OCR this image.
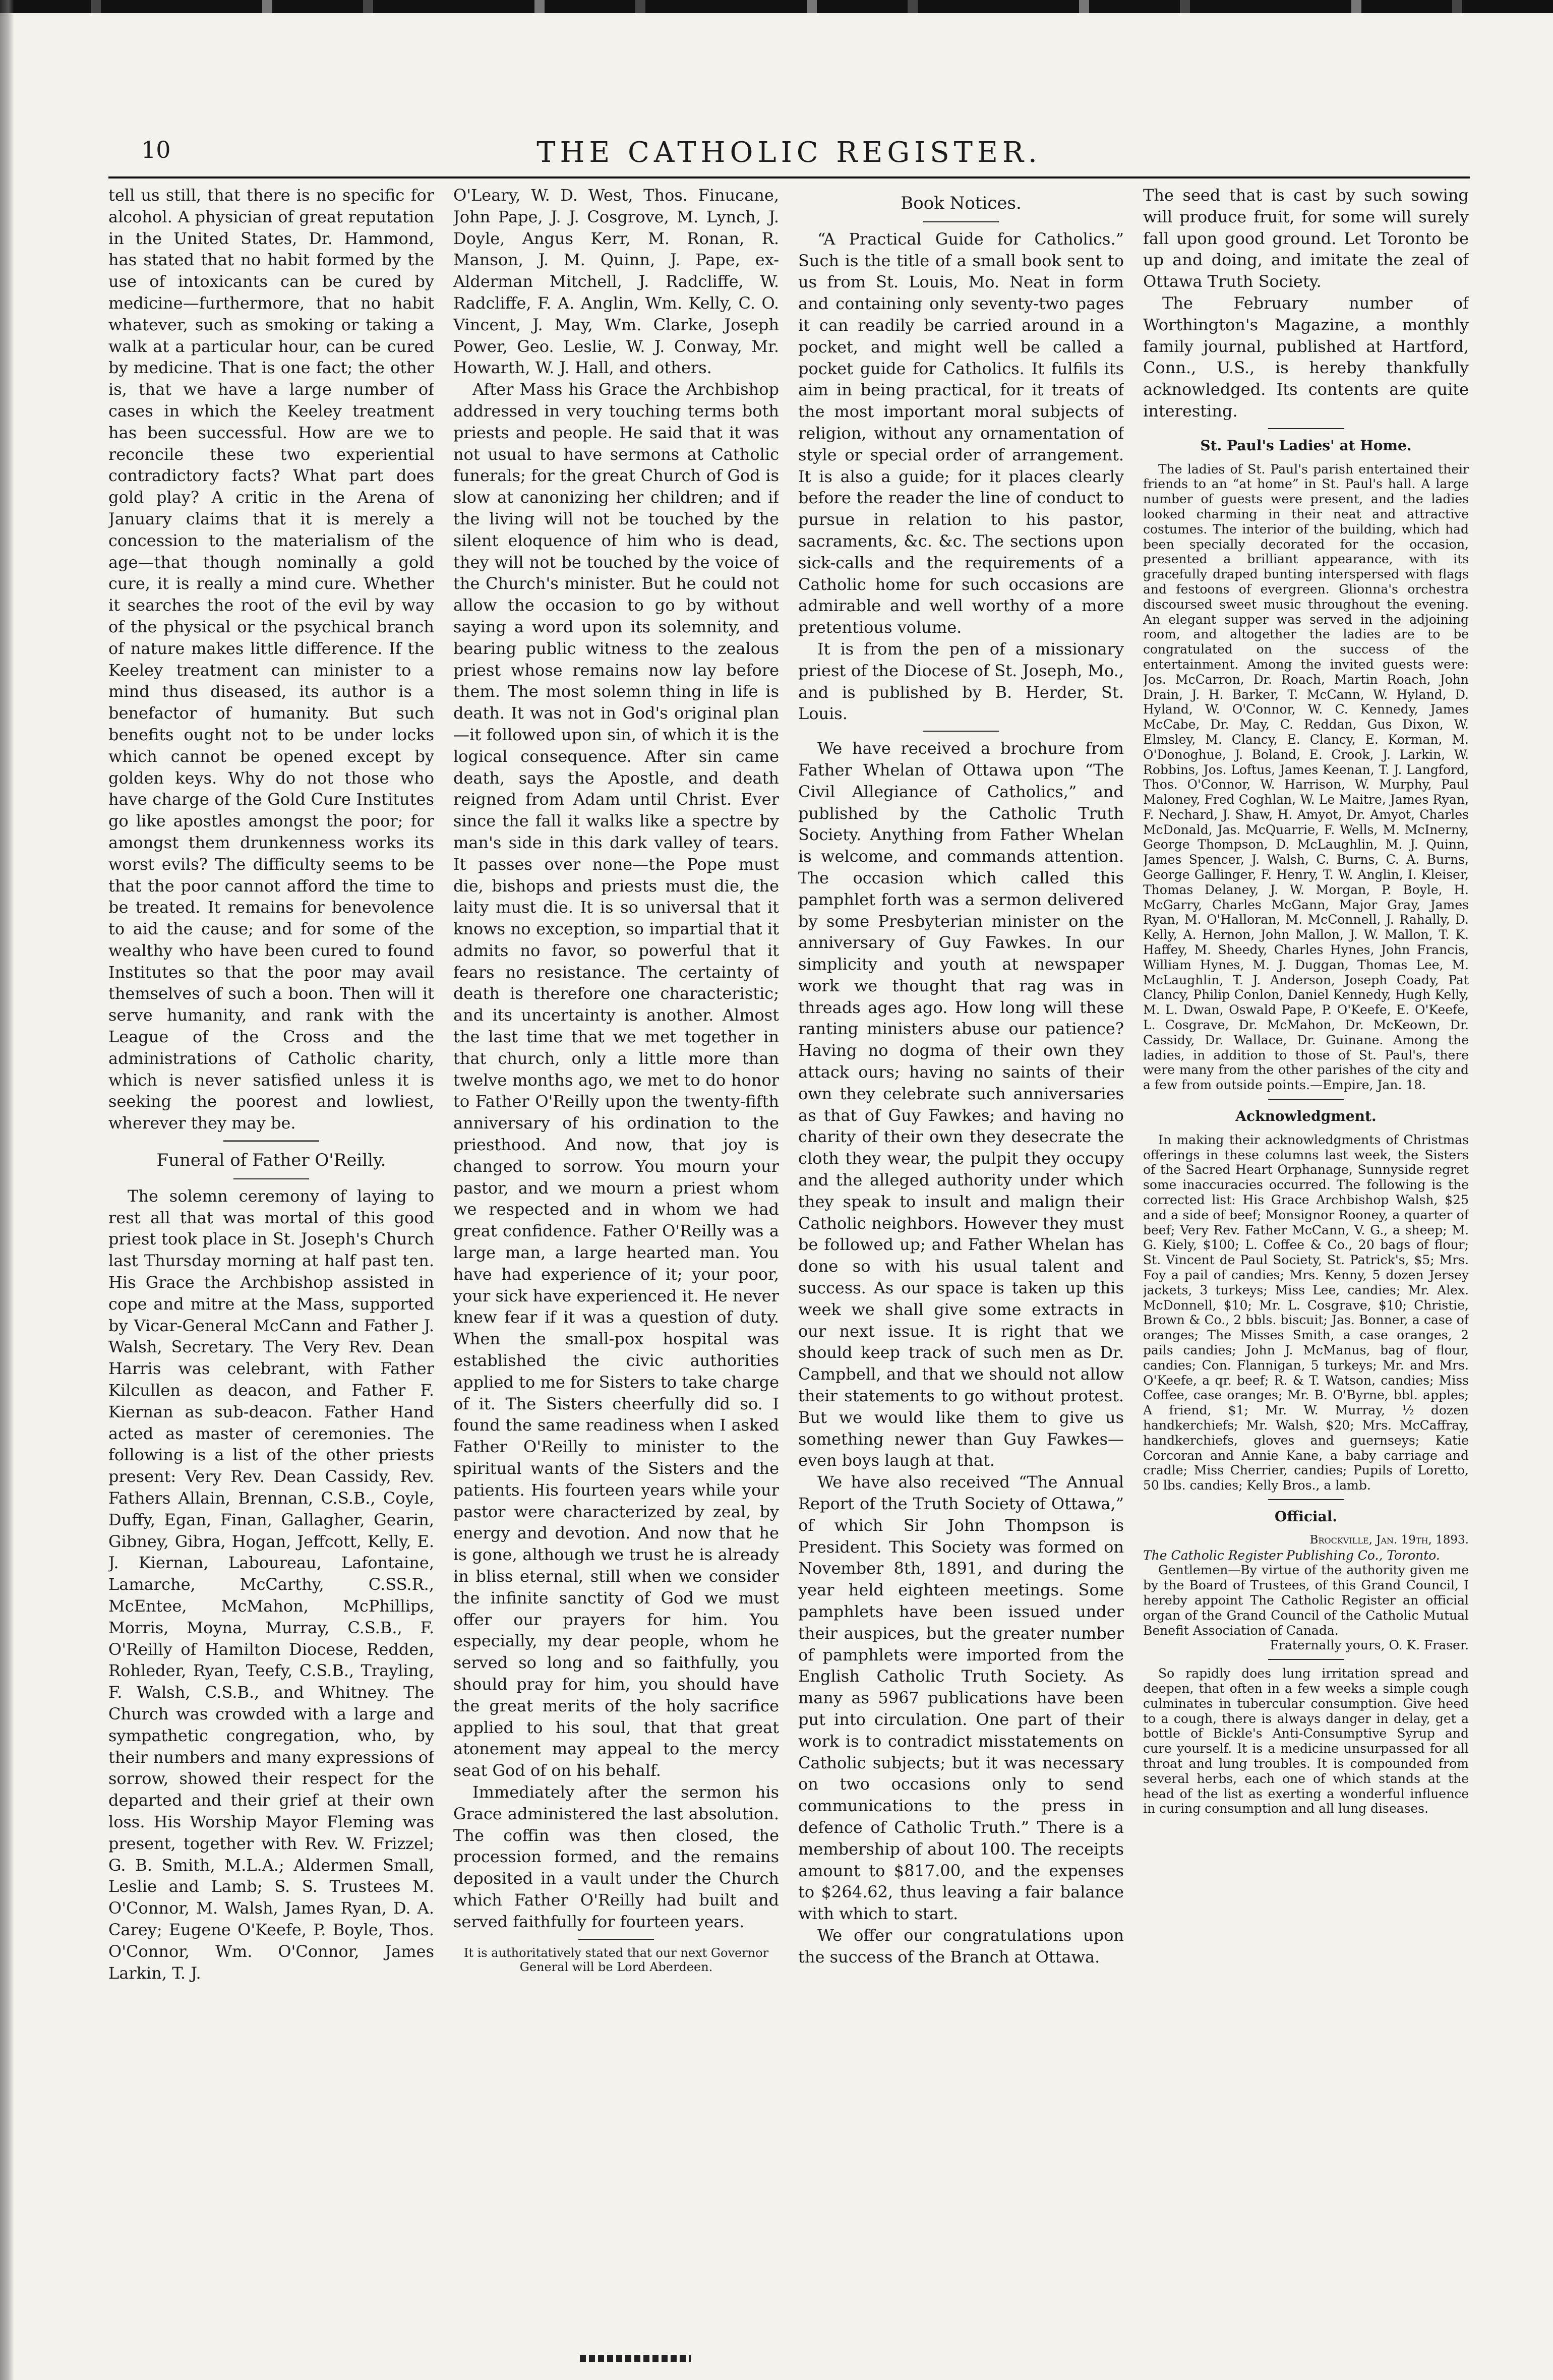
10	THE CATHOLIC REGISTER.

tell us still, that there is no specific for alcohol. A physician of great reputation in the United States, Dr. Hammond, has stated that no habit formed by the use of intoxicants can be cured by medicine—furthermore, that no habit whatever, such as smoking or taking a walk at a particular hour, can be cured by medicine. That is one fact; the other is, that we have a large number of cases in which the Keeley treatment has been successful. How are we to reconcile these two experiential contradictory facts? What part does gold play? A critic in the Arena of January claims that it is merely a concession to the materialism of the age—that though nominally a gold cure, it is really a mind cure. Whether it searches the root of the evil by way of the physical or the psychical branch of nature makes little difference. If the Keeley treatment can minister to a mind thus diseased, its author is a benefactor of humanity. But such benefits ought not to be under locks which cannot be opened except by golden keys. Why do not those who have charge of the Gold Cure Institutes go like apostles amongst the poor; for amongst them drunkenness works its worst evils? The difficulty seems to be that the poor cannot afford the time to be treated. It remains for benevolence to aid the cause; and for some of the wealthy who have been cured to found Institutes so that the poor may avail themselves of such a boon. Then will it serve humanity, and rank with the League of the Cross and the administrations of Catholic charity, which is never satisfied unless it is seeking the poorest and lowliest, wherever they may be.

Funeral of Father O'Reilly.

The solemn ceremony of laying to rest all that was mortal of this good priest took place in St. Joseph's Church last Thursday morning at half past ten. His Grace the Archbishop assisted in cope and mitre at the Mass, supported by Vicar-General McCann and Father J. Walsh, Secretary. The Very Rev. Dean Harris was celebrant, with Father Kilcullen as deacon, and Father F. Kiernan as sub-deacon. Father Hand acted as master of ceremonies. The following is a list of the other priests present: Very Rev. Dean Cassidy, Rev. Fathers Allain, Brennan, C.S.B., Coyle, Duffy, Egan, Finan, Gallagher, Gearin, Gibney, Gibra, Hogan, Jeffcott, Kelly, E. J. Kiernan, Laboureau, Lafontaine, Lamarche, McCarthy, C.SS.R., McEntee, McMahon, McPhillips, Morris, Moyna, Murray, C.S.B., F. O'Reilly of Hamilton Diocese, Redden, Rohleder, Ryan, Teefy, C.S.B., Trayling, F. Walsh, C.S.B., and Whitney. The Church was crowded with a large and sympathetic congregation, who, by their numbers and many expressions of sorrow, showed their respect for the departed and their grief at their own loss. His Worship Mayor Fleming was present, together with Rev. W. Frizzel; G. B. Smith, M.L.A.; Aldermen Small, Leslie and Lamb; S. S. Trustees M. O'Connor, M. Walsh, James Ryan, D. A. Carey; Eugene O'Keefe, P. Boyle, Thos. O'Connor, Wm. O'Connor, James Larkin, T. J.

O'Leary, W. D. West, Thos. Finucane, John Pape, J. J. Cosgrove, M. Lynch, J. Doyle, Angus Kerr, M. Ronan, R. Manson, J. M. Quinn, J. Pape, ex-Alderman Mitchell, J. Radcliffe, W. Radcliffe, F. A. Anglin, Wm. Kelly, C. O. Vincent, J. May, Wm. Clarke, Joseph Power, Geo. Leslie, W. J. Conway, Mr. Howarth, W. J. Hall, and others.

After Mass his Grace the Archbishop addressed in very touching terms both priests and people. He said that it was not usual to have sermons at Catholic funerals; for the great Church of God is slow at canonizing her children; and if the living will not be touched by the silent eloquence of him who is dead, they will not be touched by the voice of the Church's minister. But he could not allow the occasion to go by without saying a word upon its solemnity, and bearing public witness to the zealous priest whose remains now lay before them. The most solemn thing in life is death. It was not in God's original plan—it followed upon sin, of which it is the logical consequence. After sin came death, says the Apostle, and death reigned from Adam until Christ. Ever since the fall it walks like a spectre by man's side in this dark valley of tears. It passes over none—the Pope must die, bishops and priests must die, the laity must die. It is so universal that it knows no exception, so impartial that it admits no favor, so powerful that it fears no resistance. The certainty of death is therefore one characteristic; and its uncertainty is another. Almost the last time that we met together in that church, only a little more than twelve months ago, we met to do honor to Father O'Reilly upon the twenty-fifth anniversary of his ordination to the priesthood. And now, that joy is changed to sorrow. You mourn your pastor, and we mourn a priest whom we respected and in whom we had great confidence. Father O'Reilly was a large man, a large hearted man. You have had experience of it; your poor, your sick have experienced it. He never knew fear if it was a question of duty. When the small-pox hospital was established the civic authorities applied to me for Sisters to take charge of it. The Sisters cheerfully did so. I found the same readiness when I asked Father O'Reilly to minister to the spiritual wants of the Sisters and the patients. His fourteen years while your pastor were characterized by zeal, by energy and devotion. And now that he is gone, although we trust he is already in bliss eternal, still when we consider the infinite sanctity of God we must offer our prayers for him. You especially, my dear people, whom he served so long and so faithfully, you should pray for him, you should have the great merits of the holy sacrifice applied to his soul, that that great atonement may appeal to the mercy seat God of on his behalf.

Immediately after the sermon his Grace administered the last absolution. The coffin was then closed, the procession formed, and the remains deposited in a vault under the Church which Father O'Reilly had built and served faithfully for fourteen years.

It is authoritatively stated that our next Governor General will be Lord Aberdeen.
Book Notices.

“A Practical Guide for Catholics.” Such is the title of a small book sent to us from St. Louis, Mo. Neat in form and containing only seventy-two pages it can readily be carried around in a pocket, and might well be called a pocket guide for Catholics. It fulfils its aim in being practical, for it treats of the most important moral subjects of religion, without any ornamentation of style or special order of arrangement. It is also a guide; for it places clearly before the reader the line of conduct to pursue in relation to his pastor, sacraments, &c. &c. The sections upon sick-calls and the requirements of a Catholic home for such occasions are admirable and well worthy of a more pretentious volume.

It is from the pen of a missionary priest of the Diocese of St. Joseph, Mo., and is published by B. Herder, St. Louis.

We have received a brochure from Father Whelan of Ottawa upon “The Civil Allegiance of Catholics,” and published by the Catholic Truth Society. Anything from Father Whelan is welcome, and commands attention. The occasion which called this pamphlet forth was a sermon delivered by some Presbyterian minister on the anniversary of Guy Fawkes. In our simplicity and youth at newspaper work we thought that rag was in threads ages ago. How long will these ranting ministers abuse our patience? Having no dogma of their own they attack ours; having no saints of their own they celebrate such anniversaries as that of Guy Fawkes; and having no charity of their own they desecrate the cloth they wear, the pulpit they occupy and the alleged authority under which they speak to insult and malign their Catholic neighbors. However they must be followed up; and Father Whelan has done so with his usual talent and success. As our space is taken up this week we shall give some extracts in our next issue. It is right that we should keep track of such men as Dr. Campbell, and that we should not allow their statements to go without protest. But we would like them to give us something newer than Guy Fawkes—even boys laugh at that.

We have also received “The Annual Report of the Truth Society of Ottawa,” of which Sir John Thompson is President. This Society was formed on November 8th, 1891, and during the year held eighteen meetings. Some pamphlets have been issued under their auspices, but the greater number of pamphlets were imported from the English Catholic Truth Society. As many as 5967 publications have been put into circulation. One part of their work is to contradict misstatements on Catholic subjects; but it was necessary on two occasions only to send communications to the press in defence of Catholic Truth.” There is a membership of about 100. The receipts amount to $817.00, and the expenses to $264.62, thus leaving a fair balance with which to start.

We offer our congratulations upon the success of the Branch at Ottawa.

The seed that is cast by such sowing will produce fruit, for some will surely fall upon good ground. Let Toronto be up and doing, and imitate the zeal of Ottawa Truth Society.

The February number of Worthington's Magazine, a monthly family journal, published at Hartford, Conn., U.S., is hereby thankfully acknowledged. Its contents are quite interesting.

St. Paul's Ladies' at Home.

The ladies of St. Paul's parish entertained their friends to an “at home” in St. Paul's hall. A large number of guests were present, and the ladies looked charming in their neat and attractive costumes. The interior of the building, which had been specially decorated for the occasion, presented a brilliant appearance, with its gracefully draped bunting interspersed with flags and festoons of evergreen. Glionna's orchestra discoursed sweet music throughout the evening. An elegant supper was served in the adjoining room, and altogether the ladies are to be congratulated on the success of the entertainment. Among the invited guests were: Jos. McCarron, Dr. Roach, Martin Roach, John Drain, J. H. Barker, T. McCann, W. Hyland, D. Hyland, W. O'Connor, W. C. Kennedy, James McCabe, Dr. May, C. Reddan, Gus Dixon, W. Elmsley, M. Clancy, E. Clancy, E. Korman, M. O'Donoghue, J. Boland, E. Crook, J. Larkin, W. Robbins, Jos. Loftus, James Keenan, T. J. Langford, Thos. O'Connor, W. Harrison, W. Murphy, Paul Maloney, Fred Coghlan, W. Le Maitre, James Ryan, F. Nechard, J. Shaw, H. Amyot, Dr. Amyot, Charles McDonald, Jas. McQuarrie, F. Wells, M. McInerny, George Thompson, D. McLaughlin, M. J. Quinn, James Spencer, J. Walsh, C. Burns, C. A. Burns, George Gallinger, F. Henry, T. W. Anglin, I. Kleiser, Thomas Delaney, J. W. Morgan, P. Boyle, H. McGarry, Charles McGann, Major Gray, James Ryan, M. O'Halloran, M. McConnell, J. Rahally, D. Kelly, A. Hernon, John Mallon, J. W. Mallon, T. K. Haffey, M. Sheedy, Charles Hynes, John Francis, William Hynes, M. J. Duggan, Thomas Lee, M. McLaughlin, T. J. Anderson, Joseph Coady, Pat Clancy, Philip Conlon, Daniel Kennedy, Hugh Kelly, M. L. Dwan, Oswald Pape, P. O'Keefe, E. O'Keefe, L. Cosgrave, Dr. McMahon, Dr. McKeown, Dr. Cassidy, Dr. Wallace, Dr. Guinane. Among the ladies, in addition to those of St. Paul's, there were many from the other parishes of the city and a few from outside points.—Empire, Jan. 18.

Acknowledgment.

In making their acknowledgments of Christmas offerings in these columns last week, the Sisters of the Sacred Heart Orphanage, Sunnyside regret some inaccuracies occurred. The following is the corrected list: His Grace Archbishop Walsh, $25 and a side of beef; Monsignor Rooney, a quarter of beef; Very Rev. Father McCann, V. G., a sheep; M. G. Kiely, $100; L. Coffee & Co., 20 bags of flour; St. Vincent de Paul Society, St. Patrick's, $5; Mrs. Foy a pail of candies; Mrs. Kenny, 5 dozen Jersey jackets, 3 turkeys; Miss Lee, candies; Mr. Alex. McDonnell, $10; Mr. L. Cosgrave, $10; Christie, Brown & Co., 2 bbls. biscuit; Jas. Bonner, a case of oranges; The Misses Smith, a case oranges, 2 pails candies; John J. McManus, bag of flour, candies; Con. Flannigan, 5 turkeys; Mr. and Mrs. O'Keefe, a qr. beef; R. & T. Watson, candies; Miss Coffee, case oranges; Mr. B. O'Byrne, bbl. apples; A friend, $1; Mr. W. Murray, ½ dozen handkerchiefs; Mr. Walsh, $20; Mrs. McCaffray, handkerchiefs, gloves and guernseys; Katie Corcoran and Annie Kane, a baby carriage and cradle; Miss Cherrier, candies; Pupils of Loretto, 50 lbs. candies; Kelly Bros., a lamb.

Official.
Brockville, Jan. 19th, 1893.
The Catholic Register Publishing Co., Toronto.

Gentlemen—By virtue of the authority given me by the Board of Trustees, of this Grand Council, I hereby appoint The Catholic Register an official organ of the Grand Council of the Catholic Mutual Benefit Association of Canada.

Fraternally yours, O. K. Fraser.

So rapidly does lung irritation spread and deepen, that often in a few weeks a simple cough culminates in tubercular consumption. Give heed to a cough, there is always danger in delay, get a bottle of Bickle's Anti-Consumptive Syrup and cure yourself. It is a medicine unsurpassed for all throat and lung troubles. It is compounded from several herbs, each one of which stands at the head of the list as exerting a wonderful influence in curing consumption and all lung diseases.
